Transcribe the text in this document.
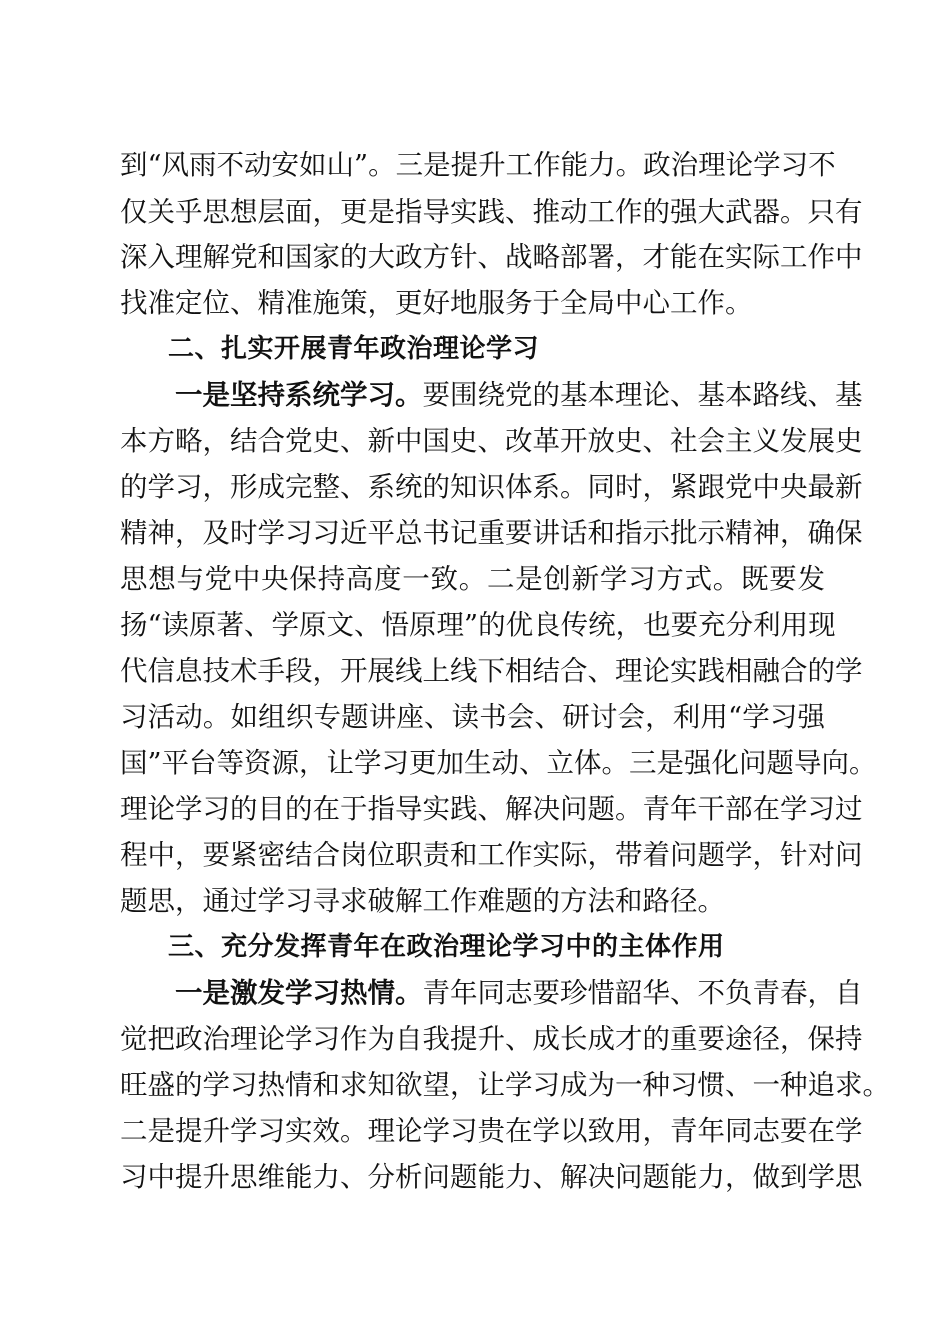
到“风雨不动安如山”。三是提升工作能力。政治理论学习不
仅关乎思想层面，更是指导实践、推动工作的强大武器。只有
深入理解党和国家的大政方针、战略部署，才能在实际工作中
找准定位、精准施策，更好地服务于全局中心工作。
二、扎实开展青年政治理论学习
一是坚持系统学习。要围绕党的基本理论、基本路线、基
本方略，结合党史、新中国史、改革开放史、社会主义发展史
的学习，形成完整、系统的知识体系。同时，紧跟党中央最新
精神，及时学习习近平总书记重要讲话和指示批示精神，确保
思想与党中央保持高度一致。二是创新学习方式。既要发
扬“读原著、学原文、悟原理”的优良传统，也要充分利用现
代信息技术手段，开展线上线下相结合、理论实践相融合的学
习活动。如组织专题讲座、读书会、研讨会，利用“学习强
国”平台等资源，让学习更加生动、立体。三是强化问题导向。
理论学习的目的在于指导实践、解决问题。青年干部在学习过
程中，要紧密结合岗位职责和工作实际，带着问题学，针对问
题思，通过学习寻求破解工作难题的方法和路径。
三、充分发挥青年在政治理论学习中的主体作用
一是激发学习热情。青年同志要珍惜韶华、不负青春，自
觉把政治理论学习作为自我提升、成长成才的重要途径，保持
旺盛的学习热情和求知欲望，让学习成为一种习惯、一种追求。
二是提升学习实效。理论学习贵在学以致用，青年同志要在学
习中提升思维能力、分析问题能力、解决问题能力，做到学思
